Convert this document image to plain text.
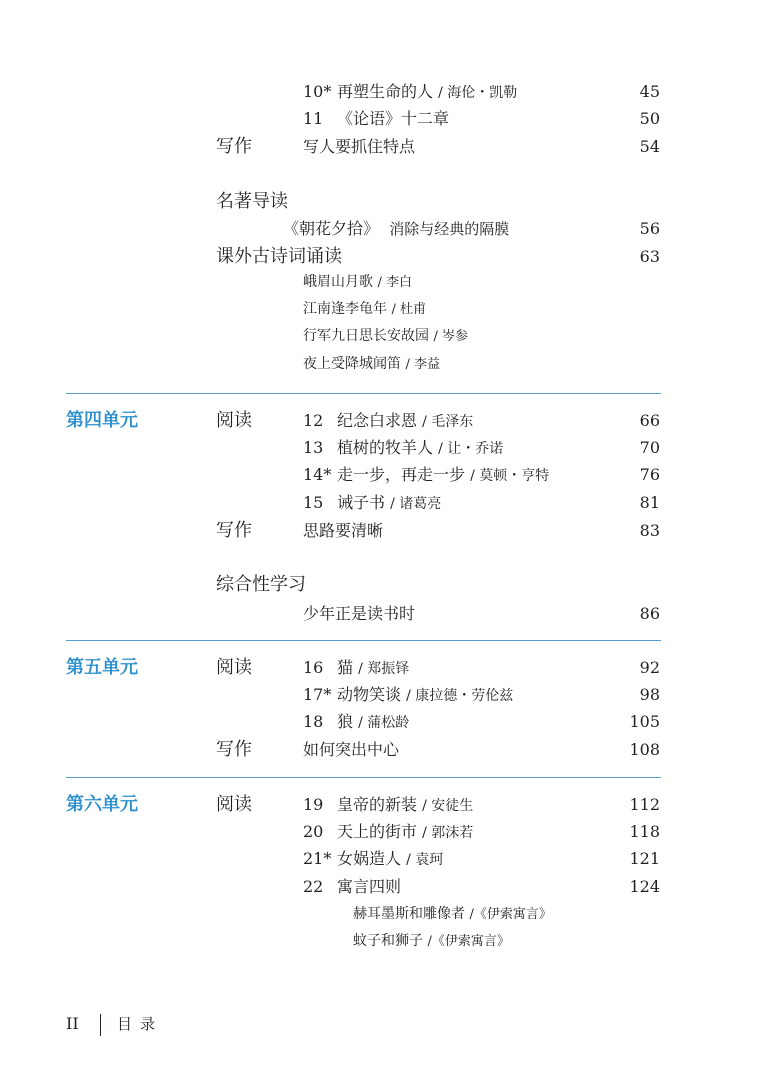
10* 再塑生命的人 / 海伦・凯勒	45
11 《论语》十二章	50
写作	写人要抓住特点	54
名著导读
《朝花夕拾》 消除与经典的隔膜	56
课外古诗词诵读	63
峨眉山月歌 / 李白
江南逢李龟年 / 杜甫
行军九日思长安故园 / 岑参
夜上受降城闻笛 / 李益
第四单元	阅读	12 纪念白求恩 / 毛泽东	66
13 植树的牧羊人 / 让・乔诺	70
14* 走一步，再走一步 / 莫顿・亨特	76
15 诫子书 / 诸葛亮	81
写作	思路要清晰	83
综合性学习
少年正是读书时	86
第五单元	阅读	16 猫 / 郑振铎	92
17* 动物笑谈 / 康拉德・劳伦兹	98
18 狼 / 蒲松龄	105
写作	如何突出中心	108
第六单元	阅读	19 皇帝的新装 / 安徒生	112
20 天上的街市 / 郭沫若	118
21* 女娲造人 / 袁珂	121
22 寓言四则	124
赫耳墨斯和雕像者 /《伊索寓言》
蚊子和狮子 /《伊索寓言》
II	目录
